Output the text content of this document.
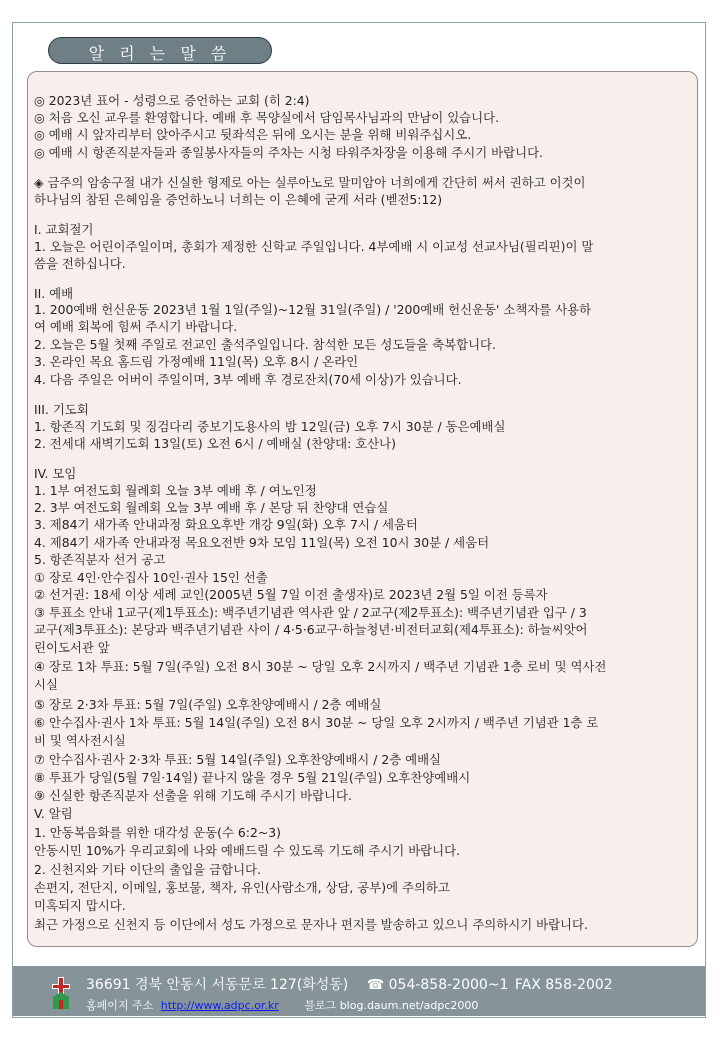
알 리 는 말 씀
◎ 2023년 표어 - 성령으로 증언하는 교회 (히 2:4)
◎ 처음 오신 교우를 환영합니다. 예배 후 목양실에서 담임목사님과의 만남이 있습니다.
◎ 예배 시 앞자리부터 앉아주시고 뒷좌석은 뒤에 오시는 분을 위해 비워주십시오.
◎ 예배 시 항존직분자들과 종일봉사자들의 주차는 시청 타워주차장을 이용해 주시기 바랍니다.
◈ 금주의 암송구절 내가 신실한 형제로 아는 실루아노로 말미암아 너희에게 간단히 써서 권하고 이것이
하나님의 참된 은혜임을 증언하노니 너희는 이 은혜에 굳게 서라 (벧전5:12)
I. 교회절기
1. 오늘은 어린이주일이며, 총회가 제정한 신학교 주일입니다. 4부예배 시 이교성 선교사님(필리핀)이 말
씀을 전하십니다.
II. 예배
1. 200예배 헌신운동 2023년 1월 1일(주일)~12월 31일(주일) / '200예배 헌신운동' 소책자를 사용하
여 예배 회복에 힘써 주시기 바랍니다.
2. 오늘은 5월 첫째 주일로 전교인 출석주일입니다. 참석한 모든 성도들을 축복합니다.
3. 온라인 목요 홈드림 가정예배 11일(목) 오후 8시 / 온라인
4. 다음 주일은 어버이 주일이며, 3부 예배 후 경로잔치(70세 이상)가 있습니다.
III. 기도회
1. 항존직 기도회 및 징검다리 중보기도용사의 밤 12일(금) 오후 7시 30분 / 동은예배실
2. 전세대 새벽기도회 13일(토) 오전 6시 / 예배실 (찬양대: 호산나)
IV. 모임
1. 1부 여전도회 월례회 오늘 3부 예배 후 / 여노인정
2. 3부 여전도회 월례회 오늘 3부 예배 후 / 본당 뒤 찬양대 연습실
3. 제84기 새가족 안내과정 화요오후반 개강 9일(화) 오후 7시 / 세움터
4. 제84기 새가족 안내과정 목요오전반 9차 모임 11일(목) 오전 10시 30분 / 세움터
5. 항존직분자 선거 공고
① 장로 4인·안수집사 10인·권사 15인 선출
② 선거권: 18세 이상 세례 교인(2005년 5월 7일 이전 출생자)로 2023년 2월 5일 이전 등록자
③ 투표소 안내 1교구(제1투표소): 백주년기념관 역사관 앞 / 2교구(제2투표소): 백주년기념관 입구 / 3
교구(제3투표소): 본당과 백주년기념관 사이 / 4·5·6교구·하늘청년·비전터교회(제4투표소): 하늘씨앗어
린이도서관 앞
④ 장로 1차 투표: 5월 7일(주일) 오전 8시 30분 ~ 당일 오후 2시까지 / 백주년 기념관 1층 로비 및 역사전
시실
⑤ 장로 2·3차 투표: 5월 7일(주일) 오후찬양예배시 / 2층 예배실
⑥ 안수집사·권사 1차 투표: 5월 14일(주일) 오전 8시 30분 ~ 당일 오후 2시까지 / 백주년 기념관 1층 로
비 및 역사전시실
⑦ 안수집사·권사 2·3차 투표: 5월 14일(주일) 오후찬양예배시 / 2층 예배실
⑧ 투표가 당일(5월 7일·14일) 끝나지 않을 경우 5월 21일(주일) 오후찬양예배시
⑨ 신실한 항존직분자 선출을 위해 기도해 주시기 바랍니다.
V. 알림
1. 안동복음화를 위한 대각성 운동(수 6:2~3)
안동시민 10%가 우리교회에 나와 예배드릴 수 있도록 기도해 주시기 바랍니다.
2. 신천지와 기타 이단의 출입을 금합니다.
손편지, 전단지, 이메일, 홍보물, 책자, 유인(사람소개, 상담, 공부)에 주의하고
미혹되지 맙시다.
최근 가정으로 신천지 등 이단에서 성도 가정으로 문자나 편지를 발송하고 있으니 주의하시기 바랍니다.
36691 경북 안동시 서동문로 127(화성동) ☎ 054-858-2000~1 FAX 858-2002
홈페이지 주소 http://www.adpc.or.kr 블로그 blog.daum.net/adpc2000
